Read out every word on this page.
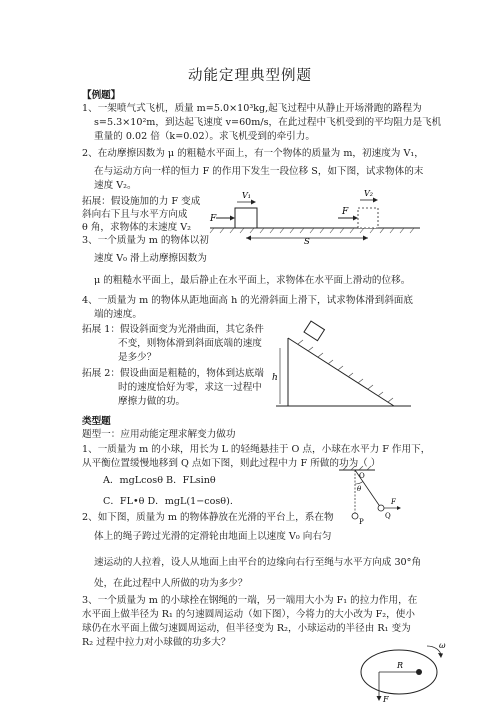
动能定理典型例题
【例题】
1、一架喷气式飞机，质量 m=5.0×10³kg,起飞过程中从静止开场滑跑的路程为
s=5.3×10²m，到达起飞速度 v=60m/s，在此过程中飞机受到的平均阻力是飞机
重量的 0.02 倍（k=0.02）。求飞机受到的牵引力。
2、在动摩擦因数为 μ 的粗糙水平面上，有一个物体的质量为 m，初速度为 V₁，
在与运动方向一样的恒力 F 的作用下发生一段位移 S，如下图，试求物体的末
速度 V₂。
拓展：假设施加的力 F 变成
斜向右下且与水平方向成
θ 角，求物体的末速度 V₂
F
V₁
F
V₂
S
3、一个质量为 m 的物体以初
速度 V₀ 滑上动摩擦因数为
μ 的粗糙水平面上，最后静止在水平面上，求物体在水平面上滑动的位移。
4、一质量为 m 的物体从距地面高 h 的光滑斜面上滑下，试求物体滑到斜面底
端的速度。
拓展 1：假设斜面变为光滑曲面，其它条件
不变，则物体滑到斜面底端的速度
是多少？
拓展 2：假设曲面是粗糙的，物体到达底端
时的速度恰好为零，求这一过程中
摩擦力做的功。
h
类型题
题型一：应用动能定理求解变力做功
1、一质量为 m 的小球，用长为 L 的轻绳悬挂于 O 点，小球在水平力 F 作用下，
从平衡位置缓慢地移到 Q 点如下图，则此过程中力 F 所做的功为（ ）
A．mgLcosθ B．FLsinθ
C．FL•θ D．mgL(1−cosθ).
O
θ
F
Q
P
2、如下图，质量为 m 的物体静放在光滑的平台上，系在物
体上的绳子跨过光滑的定滑轮由地面上以速度 V₀ 向右匀
速运动的人拉着，设人从地面上由平台的边缘向右行至绳与水平方向成 30°角
处，在此过程中人所做的功为多少？
3、一个质量为 m 的小球拴在钢绳的一端，另一端用大小为 F₁ 的拉力作用，在
水平面上做半径为 R₁ 的匀速圆周运动（如下图），今将力的大小改为 F₂，使小
球仍在水平面上做匀速圆周运动，但半径变为 R₂，小球运动的半径由 R₁ 变为
R₂ 过程中拉力对小球做的功多大？
R
ω
F
